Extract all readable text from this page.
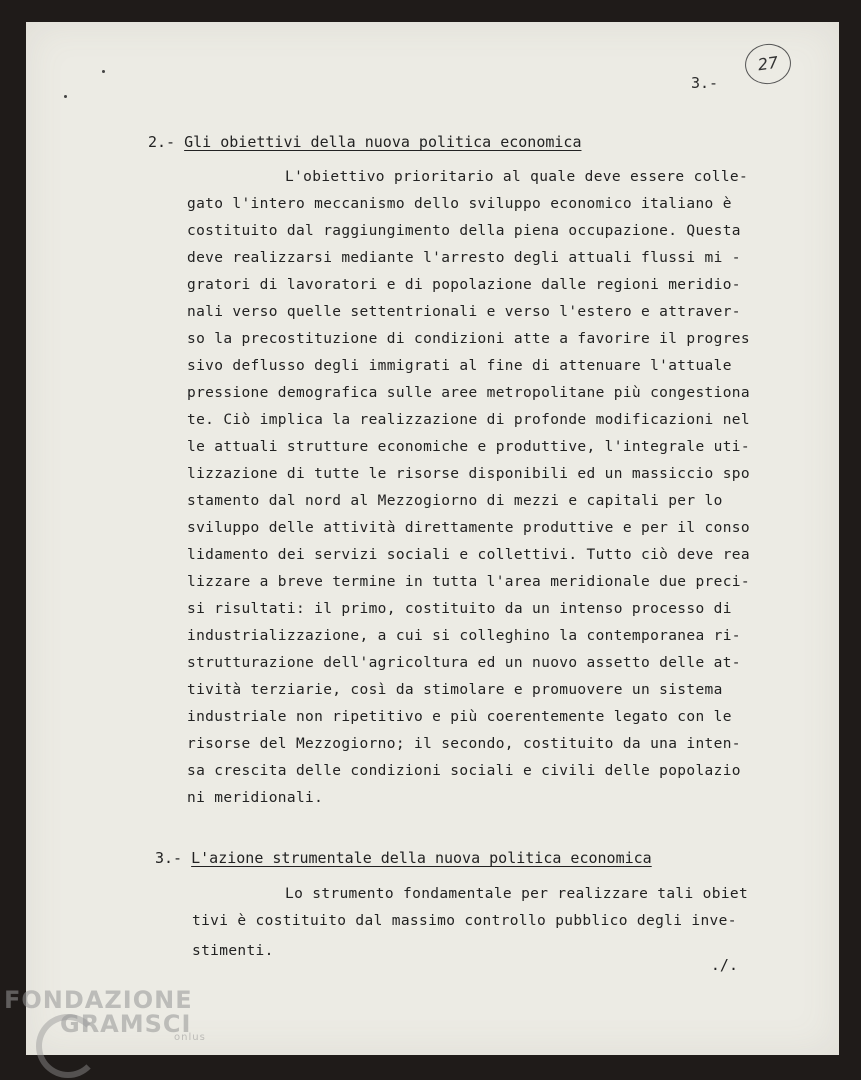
27
3.-
2.- Gli obiettivi della nuova politica economica
L'obiettivo prioritario al quale deve essere colle-
gato l'intero meccanismo dello sviluppo economico italiano è
costituito dal raggiungimento della piena occupazione. Questa
deve realizzarsi mediante l'arresto degli attuali flussi mi -
gratori di lavoratori e di popolazione dalle regioni meridio-
nali verso quelle settentrionali e verso l'estero e attraver-
so la precostituzione di condizioni atte a favorire il progres
sivo deflusso degli immigrati al fine di attenuare l'attuale
pressione demografica sulle aree metropolitane più congestiona
te. Ciò implica la realizzazione di profonde modificazioni nel
le attuali strutture economiche e produttive, l'integrale uti-
lizzazione di tutte le risorse disponibili ed un massiccio spo
stamento dal nord al Mezzogiorno di mezzi e capitali per lo
sviluppo delle attività direttamente produttive e per il conso
lidamento dei servizi sociali e collettivi. Tutto ciò deve rea
lizzare a breve termine in tutta l'area meridionale due preci-
si risultati: il primo, costituito da un intenso processo di
industrializzazione, a cui si colleghino la contemporanea ri-
strutturazione dell'agricoltura ed un nuovo assetto delle at-
tività terziarie, così da stimolare e promuovere un sistema
industriale non ripetitivo e più coerentemente legato con le
risorse del Mezzogiorno; il secondo, costituito da una inten-
sa crescita delle condizioni sociali e civili delle popolazio
ni meridionali.
3.- L'azione strumentale della nuova politica economica
Lo strumento fondamentale per realizzare tali obiet
tivi è costituito dal massimo controllo pubblico degli inve-
stimenti.
./.
FONDAZIONE
GRAMSCI
onlus
